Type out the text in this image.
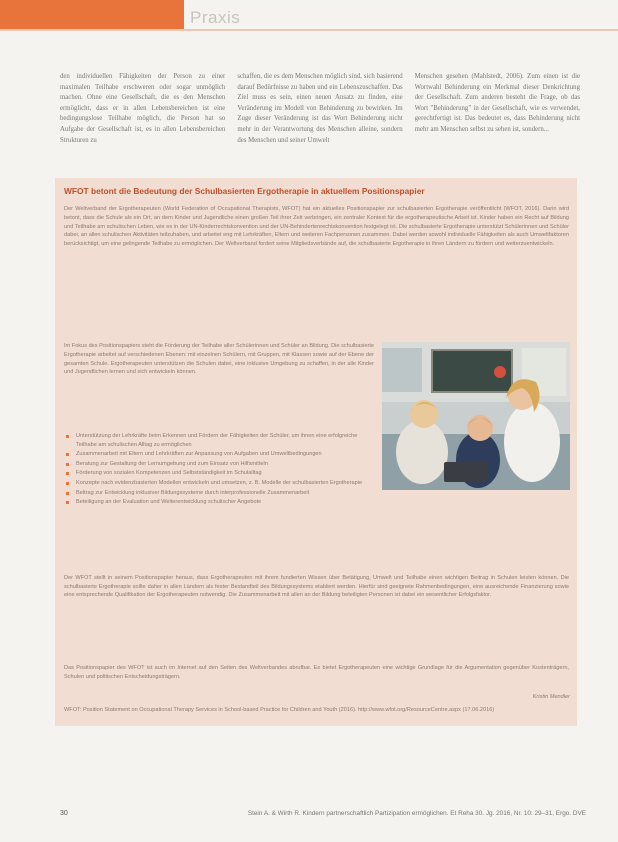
Praxis
den individuellen Fähigkeiten der Person zu einer maximalen Teilhabe erschweren oder sogar unmöglich machen. Ohne eine Gesellschaft, die es den Menschen ermöglicht, dass er in allen Lebensbereichen ist eine bedingungslose Teilhabe möglich, die Person hat so Aufgabe der Gesellschaft ist, es in allen Lebensbereichen Strukturen zu
schaffen, die es dem Menschen möglich sind, sich basierend darauf Bedürfnisse zu haben und ein Lebenszuschaffen. Das Ziel muss es sein, einen neuen Ansatz zu finden, eine Veränderung im Modell von Behinderung zu bewirken. Im Zuge dieser Veränderung ist das Wort Behinderung nicht mehr in der Verantwortung des Menschen alleine, sondern des Menschen und seiner Umwelt
Menschen gesehen (Mahlstedt, 2006). Zum einen ist die Wortwahl Behinderung ein Merkmal dieser Denkrichtung der Gesellschaft. Zum anderen besteht die Frage, ob das Wort "Behinderung" in der Gesellschaft, wie es verwendet, gerechtfertigt ist. Das bedeutet es, dass Behinderung nicht mehr am Menschen selbst zu sehen ist, sondern...
WFOT betont die Bedeutung der Schulbasierten Ergotherapie in aktuellem Positionspapier
Der Weltverband der Ergotherapeuten (World Federation of Occupational Therapists, WFOT) hat ein aktuelles Positionspapier zur schulbasierten Ergotherapie veröffentlicht (WFOT, 2016). Darin wird betont, dass die Schule als ein Ort, an dem Kinder und Jugendliche einen großen Teil ihrer Zeit verbringen, ein zentraler Kontext für die ergotherapeutische Arbeit ist. Kinder haben ein Recht auf Bildung und Teilhabe am schulischen Leben, wie es in der UN-Kinderrechtskonvention und der UN-Behindertenrechtskonvention festgelegt ist. Die schulbasierte Ergotherapie unterstützt Schülerinnen und Schüler dabei, an allen schulischen Aktivitäten teilzuhaben, und arbeitet eng mit Lehrkräften, Eltern und weiteren Fachpersonen zusammen. Dabei werden sowohl individuelle Fähigkeiten als auch Umweltfaktoren berücksichtigt, um eine gelingende Teilhabe zu ermöglichen. Der Weltverband fordert seine Mitgliedsverbände auf, die schulbasierte Ergotherapie in ihren Ländern zu fördern und weiterzuentwickeln.
Im Fokus des Positionspapiers steht die Förderung der Teilhabe aller Schülerinnen und Schüler an Bildung. Die schulbasierte Ergotherapie arbeitet auf verschiedenen Ebenen: mit einzelnen Schülern, mit Gruppen, mit Klassen sowie auf der Ebene der gesamten Schule. Ergotherapeuten unterstützen die Schulen dabei, eine inklusive Umgebung zu schaffen, in der alle Kinder und Jugendlichen lernen und sich entwickeln können.
Unterstützung der Lehrkräfte beim Erkennen und Fördern der Fähigkeiten der Schüler, um ihnen eine erfolgreiche Teilhabe am schulischen Alltag zu ermöglichen
Zusammenarbeit mit Eltern und Lehrkräften zur Anpassung von Aufgaben und Umweltbedingungen
Beratung zur Gestaltung der Lernumgebung und zum Einsatz von Hilfsmitteln
Förderung von sozialen Kompetenzen und Selbstständigkeit im Schulalltag
Konzepte nach evidenzbasierten Modellen entwickeln und umsetzen, z. B. Modelle der schulbasierten Ergotherapie
Beitrag zur Entwicklung inklusiver Bildungssysteme durch interprofessionelle Zusammenarbeit
Beteiligung an der Evaluation und Weiterentwicklung schulischer Angebote
Der WFOT stellt in seinem Positionspapier heraus, dass Ergotherapeuten mit ihrem fundierten Wissen über Betätigung, Umwelt und Teilhabe einen wichtigen Beitrag in Schulen leisten können. Die schulbasierte Ergotherapie sollte daher in allen Ländern als fester Bestandteil des Bildungssystems etabliert werden. Hierfür sind geeignete Rahmenbedingungen, eine ausreichende Finanzierung sowie eine entsprechende Qualifikation der Ergotherapeuten notwendig. Die Zusammenarbeit mit allen an der Bildung beteiligten Personen ist dabei ein wesentlicher Erfolgsfaktor.
Das Positionspapier des WFOT ist auch im Internet auf den Seiten des Weltverbandes abrufbar. Es bietet Ergotherapeuten eine wichtige Grundlage für die Argumentation gegenüber Kostenträgern, Schulen und politischen Entscheidungsträgern.
Kristin Mendler
WFOT: Position Statement on Occupational Therapy Services in School-based Practice for Children and Youth (2016). http://www.wfot.org/ResourceCentre.aspx (17.06.2016)
30	Stein A. & Wirth R. Kindern partnerschaftlich Partizipation ermöglichen. Et Reha 30. Jg. 2016, Nr. 10: 29–31, Ergo. DVE
